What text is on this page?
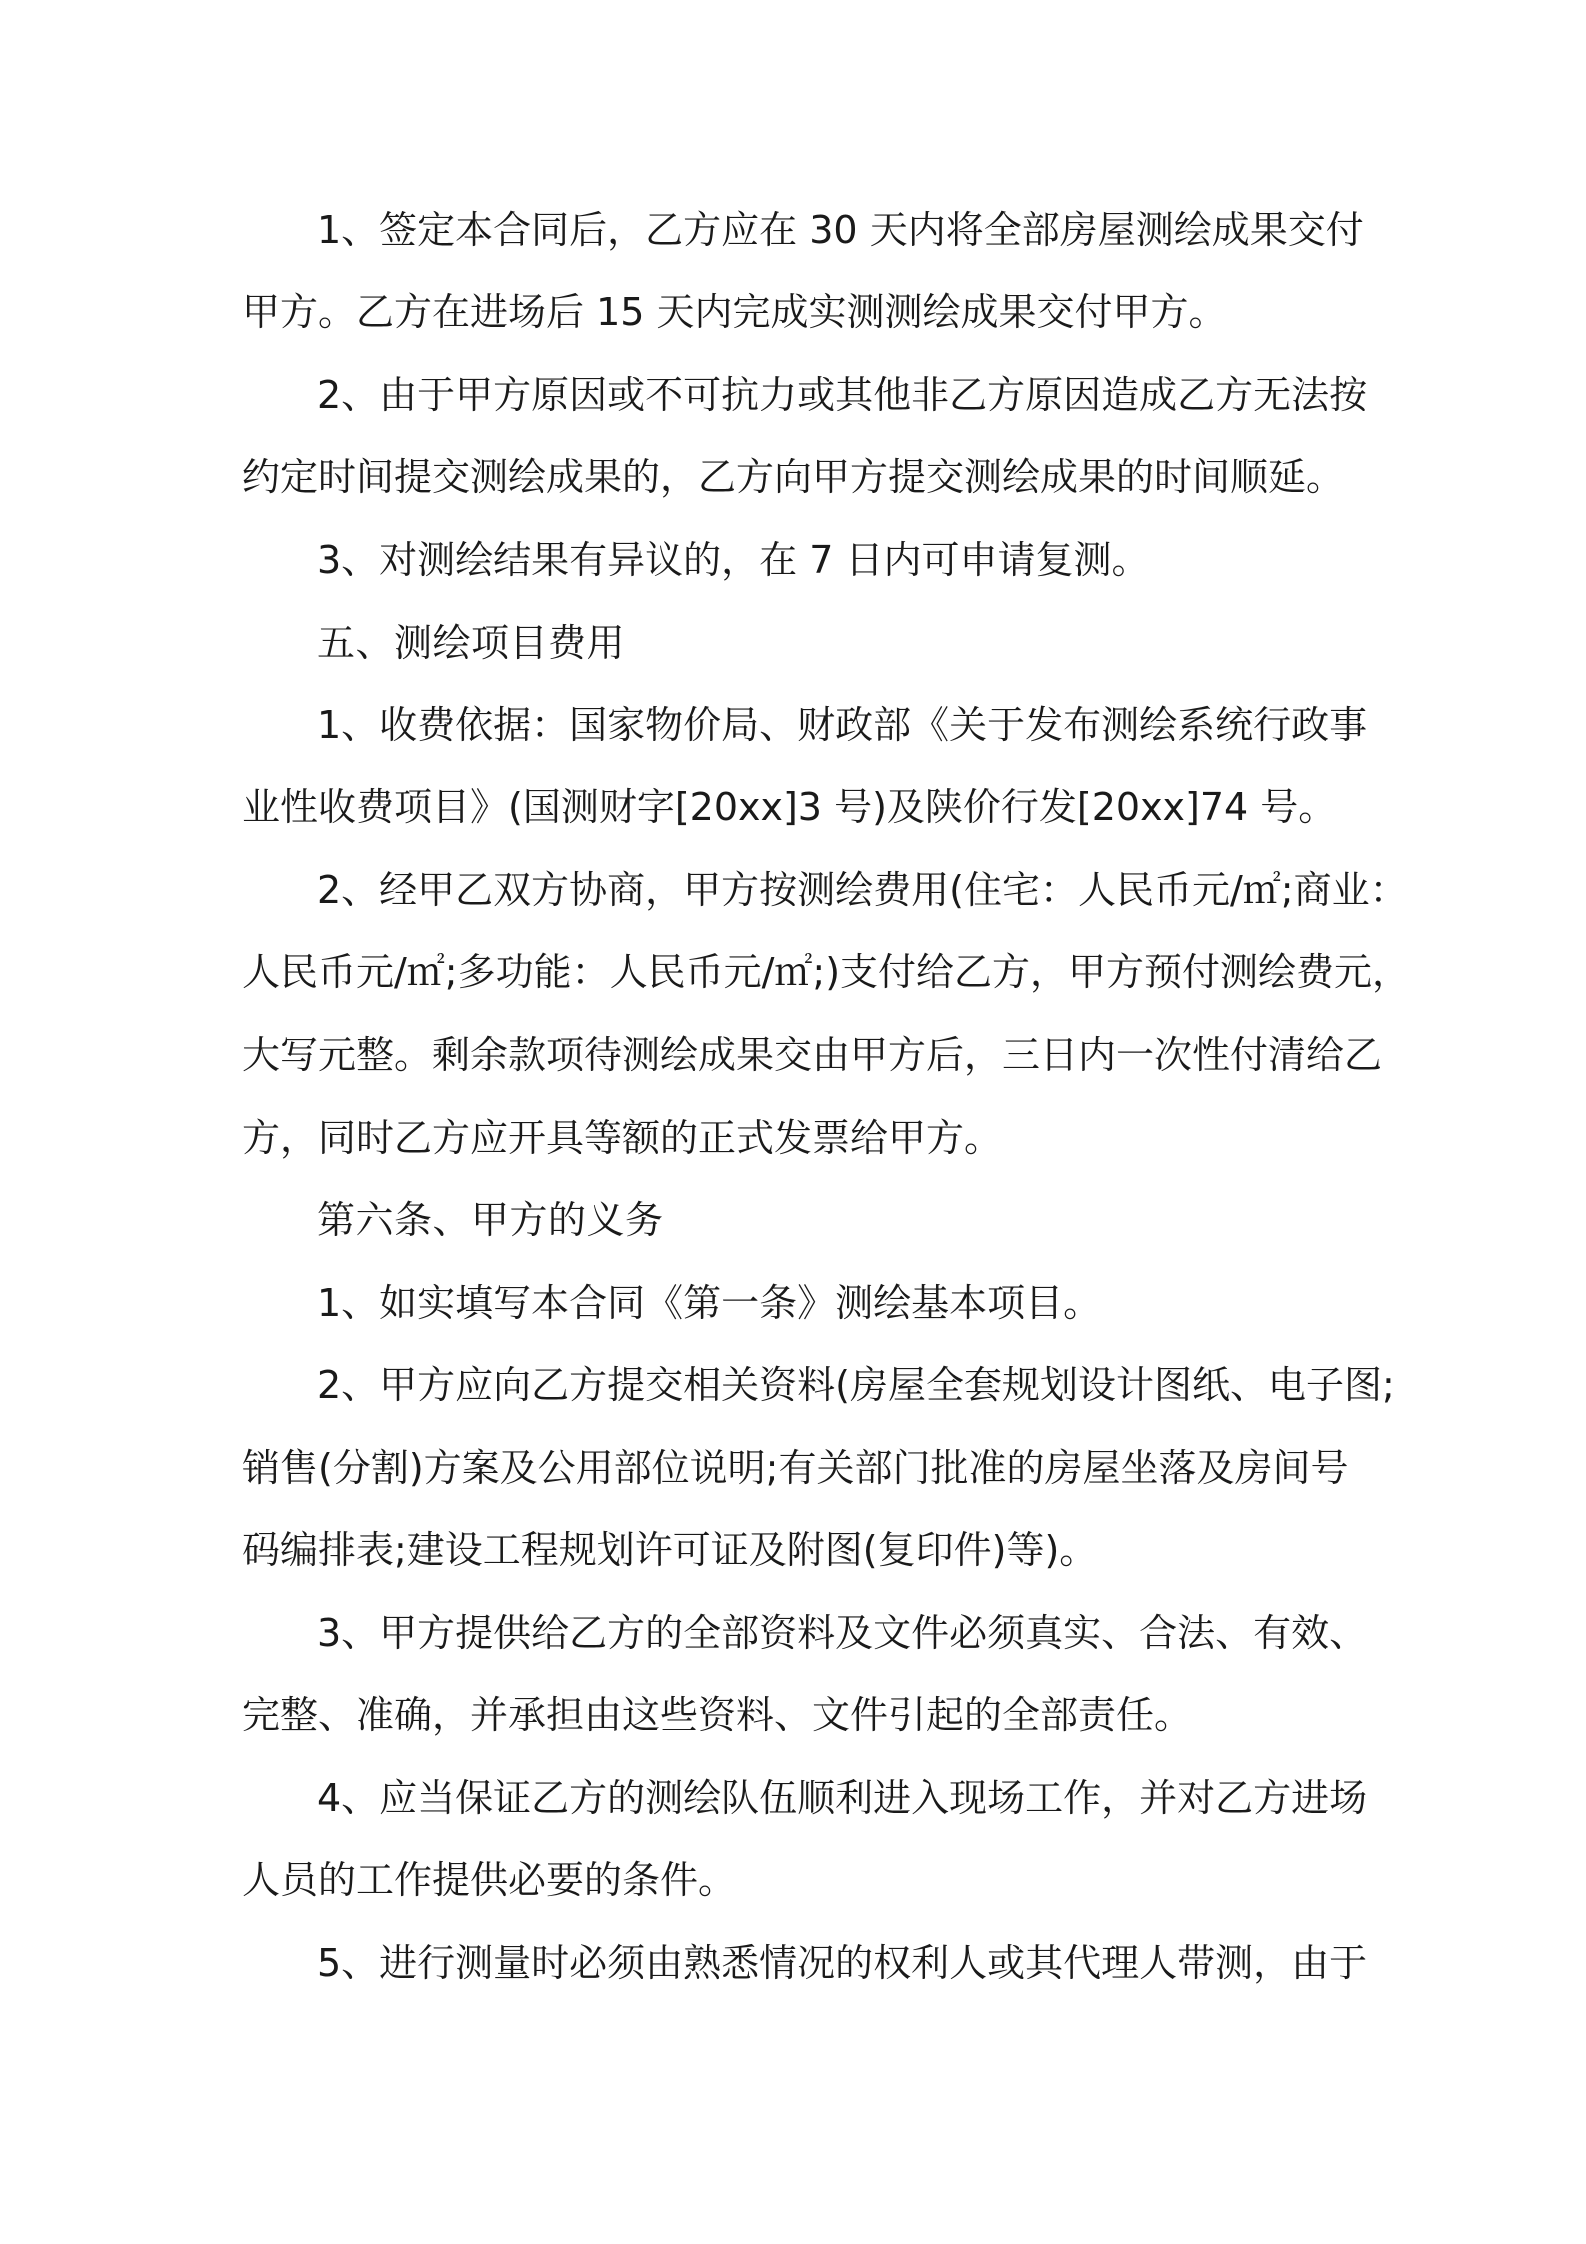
1、签定本合同后，乙方应在 30 天内将全部房屋测绘成果交付

甲方。乙方在进场后 15 天内完成实测测绘成果交付甲方。

2、由于甲方原因或不可抗力或其他非乙方原因造成乙方无法按

约定时间提交测绘成果的，乙方向甲方提交测绘成果的时间顺延。

3、对测绘结果有异议的，在 7 日内可申请复测。

五、测绘项目费用

1、收费依据：国家物价局、财政部《关于发布测绘系统行政事

业性收费项目》(国测财字[20xx]3 号)及陕价行发[20xx]74 号。

2、经甲乙双方协商，甲方按测绘费用(住宅：人民币元/㎡;商业：

人民币元/㎡;多功能：人民币元/㎡;)支付给乙方，甲方预付测绘费元，

大写元整。剩余款项待测绘成果交由甲方后，三日内一次性付清给乙

方，同时乙方应开具等额的正式发票给甲方。

第六条、甲方的义务

1、如实填写本合同《第一条》测绘基本项目。

2、甲方应向乙方提交相关资料(房屋全套规划设计图纸、电子图;

销售(分割)方案及公用部位说明;有关部门批准的房屋坐落及房间号

码编排表;建设工程规划许可证及附图(复印件)等)。

3、甲方提供给乙方的全部资料及文件必须真实、合法、有效、

完整、准确，并承担由这些资料、文件引起的全部责任。

4、应当保证乙方的测绘队伍顺利进入现场工作，并对乙方进场

人员的工作提供必要的条件。

5、进行测量时必须由熟悉情况的权利人或其代理人带测，由于
